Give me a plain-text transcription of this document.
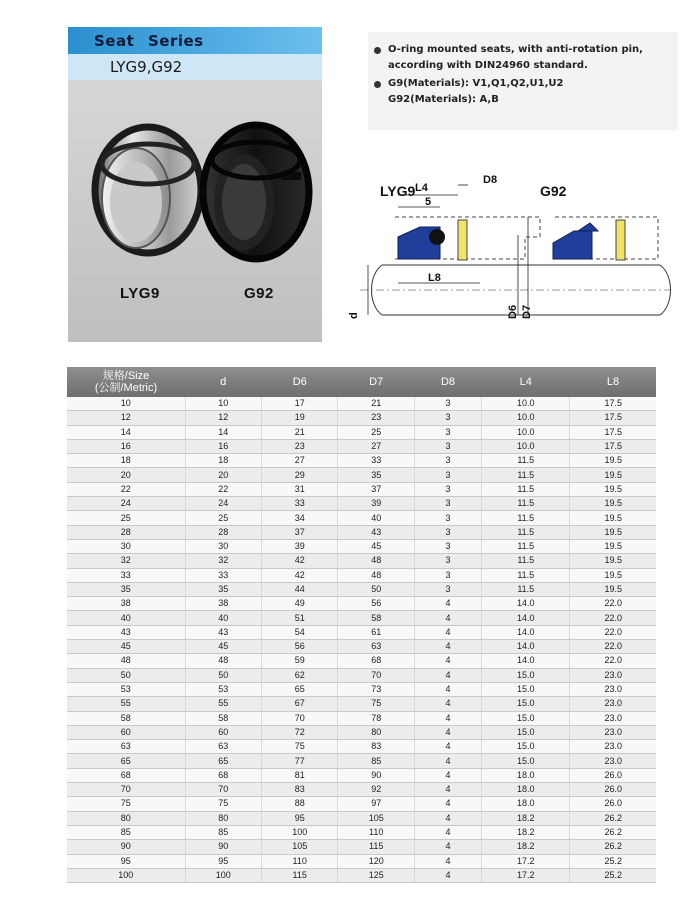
Seat Series
LYG9,G92
LYG9	G92
O-ring mounted seats, with anti-rotation pin,
according with DIN24960 standard.
G9(Materials): V1,Q1,Q2,U1,U2
G92(Materials): A,B
LYG9	G92
L4
D8
5
L8
d	D6 D7
规格/Size
(公制/Metric)	d	D6	D7	D8	L4	L8
10	10	17	21	3	10.0	17.5
12	12	19	23	3	10.0	17.5
14	14	21	25	3	10.0	17.5
16	16	23	27	3	10.0	17.5
18	18	27	33	3	11.5	19.5
20	20	29	35	3	11.5	19.5
22	22	31	37	3	11.5	19.5
24	24	33	39	3	11.5	19.5
25	25	34	40	3	11.5	19.5
28	28	37	43	3	11.5	19.5
30	30	39	45	3	11.5	19.5
32	32	42	48	3	11.5	19.5
33	33	42	48	3	11.5	19.5
35	35	44	50	3	11.5	19.5
38	38	49	56	4	14.0	22.0
40	40	51	58	4	14.0	22.0
43	43	54	61	4	14.0	22.0
45	45	56	63	4	14.0	22.0
48	48	59	68	4	14.0	22.0
50	50	62	70	4	15.0	23.0
53	53	65	73	4	15.0	23.0
55	55	67	75	4	15.0	23.0
58	58	70	78	4	15.0	23.0
60	60	72	80	4	15.0	23.0
63	63	75	83	4	15.0	23.0
65	65	77	85	4	15.0	23.0
68	68	81	90	4	18.0	26.0
70	70	83	92	4	18.0	26.0
75	75	88	97	4	18.0	26.0
80	80	95	105	4	18.2	26.2
85	85	100	110	4	18.2	26.2
90	90	105	115	4	18.2	26.2
95	95	110	120	4	17.2	25.2
100	100	115	125	4	17.2	25.2
